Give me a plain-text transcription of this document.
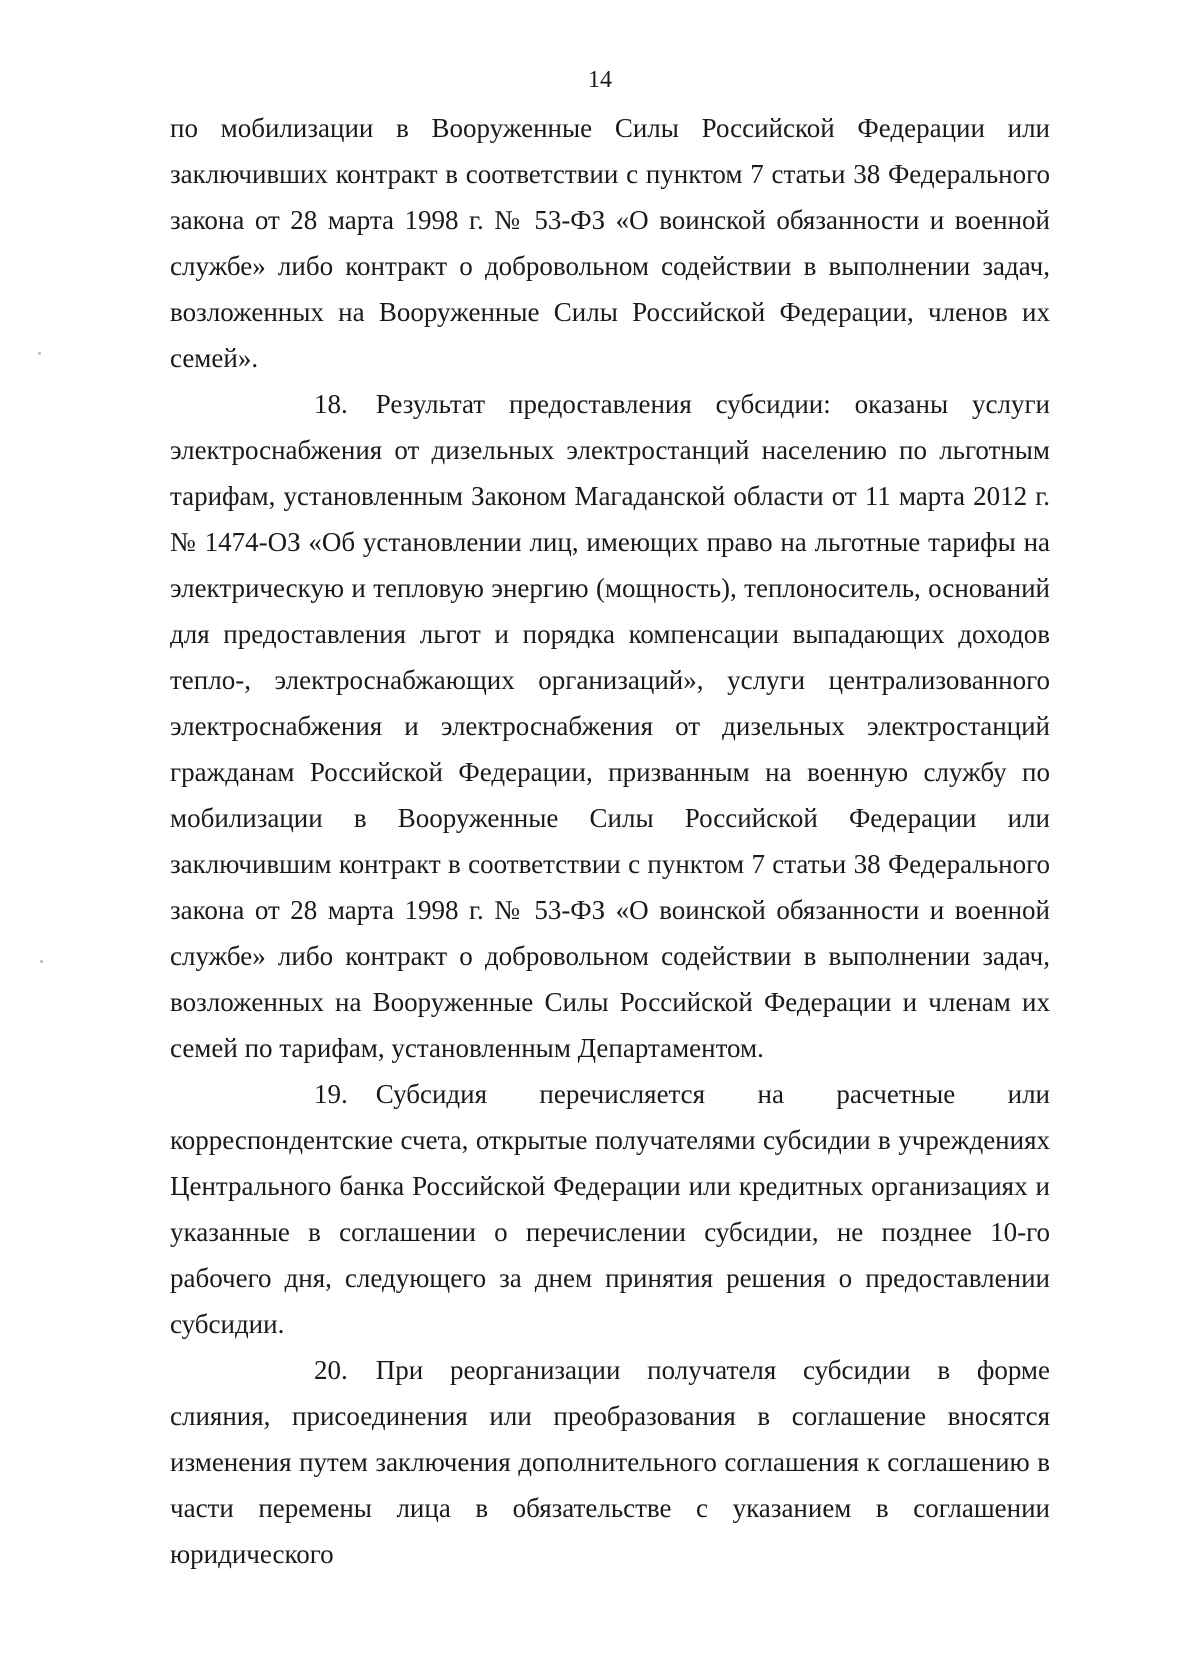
14

по мобилизации в Вооруженные Силы Российской Федерации или заключивших контракт в соответствии с пунктом 7 статьи 38 Федерального закона от 28 марта 1998 г. № 53-ФЗ «О воинской обязанности и военной службе» либо контракт о добровольном содействии в выполнении задач, возложенных на Вооруженные Силы Российской Федерации, членов их семей».

18. Результат предоставления субсидии: оказаны услуги электроснабжения от дизельных электростанций населению по льготным тарифам, установленным Законом Магаданской области от 11 марта 2012 г. № 1474-ОЗ «Об установлении лиц, имеющих право на льготные тарифы на электрическую и тепловую энергию (мощность), теплоноситель, оснований для предоставления льгот и порядка компенсации выпадающих доходов тепло-, электроснабжающих организаций», услуги централизованного электроснабжения и электроснабжения от дизельных электростанций гражданам Российской Федерации, призванным на военную службу по мобилизации в Вооруженные Силы Российской Федерации или заключившим контракт в соответствии с пунктом 7 статьи 38 Федерального закона от 28 марта 1998 г. № 53-ФЗ «О воинской обязанности и военной службе» либо контракт о добровольном содействии в выполнении задач, возложенных на Вооруженные Силы Российской Федерации и членам их семей по тарифам, установленным Департаментом.

19. Субсидия перечисляется на расчетные или корреспондентские счета, открытые получателями субсидии в учреждениях Центрального банка Российской Федерации или кредитных организациях и указанные в соглашении о перечислении субсидии, не позднее 10-го рабочего дня, следующего за днем принятия решения о предоставлении субсидии.

20. При реорганизации получателя субсидии в форме слияния, присоединения или преобразования в соглашение вносятся изменения путем заключения дополнительного соглашения к соглашению в части перемены лица в обязательстве с указанием в соглашении юридического
